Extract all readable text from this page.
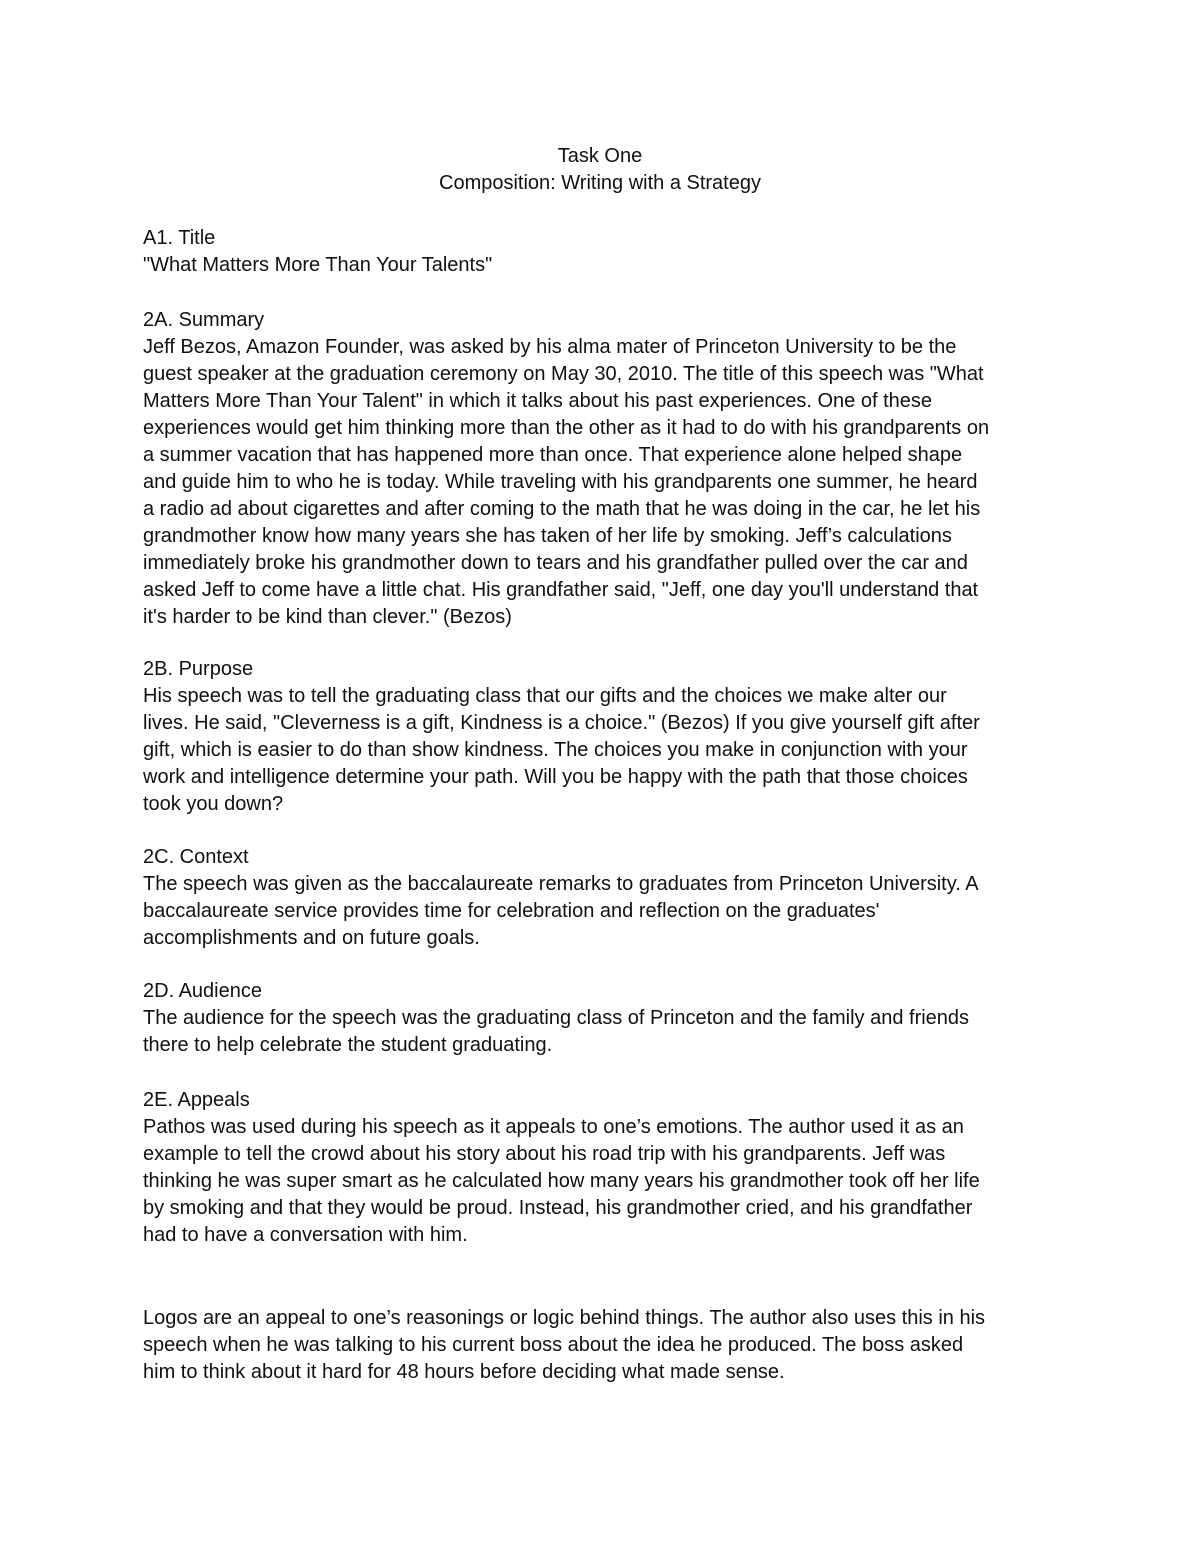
Task One
Composition: Writing with a Strategy
A1. Title
"What Matters More Than Your Talents"
2A. Summary
Jeff Bezos, Amazon Founder, was asked by his alma mater of Princeton University to be the
guest speaker at the graduation ceremony on May 30, 2010. The title of this speech was "What
Matters More Than Your Talent" in which it talks about his past experiences. One of these
experiences would get him thinking more than the other as it had to do with his grandparents on
a summer vacation that has happened more than once. That experience alone helped shape
and guide him to who he is today. While traveling with his grandparents one summer, he heard
a radio ad about cigarettes and after coming to the math that he was doing in the car, he let his
grandmother know how many years she has taken of her life by smoking. Jeff’s calculations
immediately broke his grandmother down to tears and his grandfather pulled over the car and
asked Jeff to come have a little chat. His grandfather said, "Jeff, one day you'll understand that
it's harder to be kind than clever." (Bezos)
2B. Purpose
His speech was to tell the graduating class that our gifts and the choices we make alter our
lives. He said, "Cleverness is a gift, Kindness is a choice." (Bezos) If you give yourself gift after
gift, which is easier to do than show kindness. The choices you make in conjunction with your
work and intelligence determine your path. Will you be happy with the path that those choices
took you down?
2C. Context
The speech was given as the baccalaureate remarks to graduates from Princeton University. A
baccalaureate service provides time for celebration and reflection on the graduates'
accomplishments and on future goals.
2D. Audience
The audience for the speech was the graduating class of Princeton and the family and friends
there to help celebrate the student graduating.
2E. Appeals
Pathos was used during his speech as it appeals to one’s emotions. The author used it as an
example to tell the crowd about his story about his road trip with his grandparents. Jeff was
thinking he was super smart as he calculated how many years his grandmother took off her life
by smoking and that they would be proud. Instead, his grandmother cried, and his grandfather
had to have a conversation with him.
Logos are an appeal to one’s reasonings or logic behind things. The author also uses this in his
speech when he was talking to his current boss about the idea he produced. The boss asked
him to think about it hard for 48 hours before deciding what made sense.
